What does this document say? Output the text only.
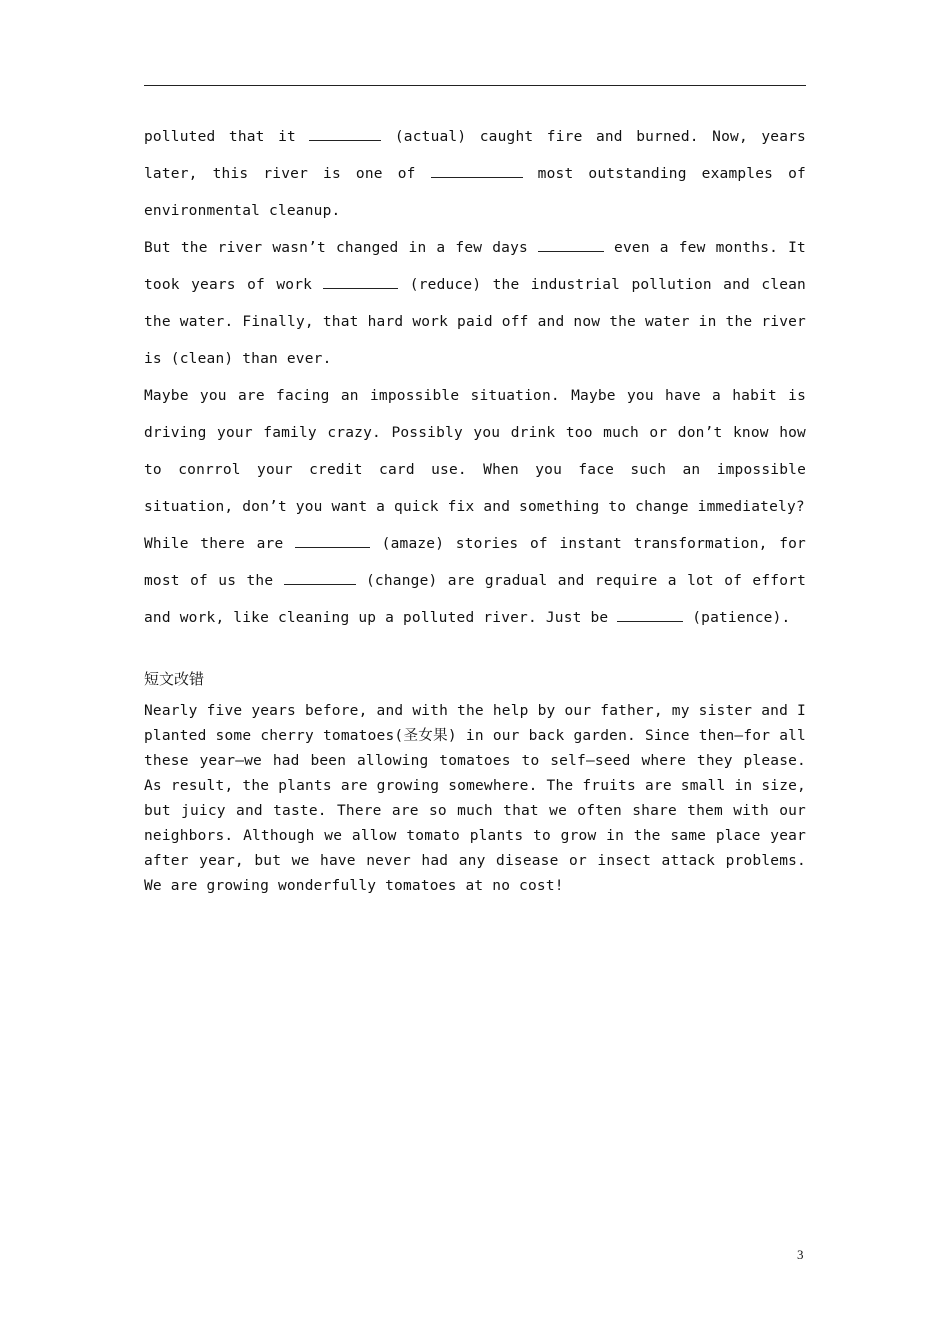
polluted that it	(actual) caught fire and burned. Now, years later, this river is one of	most outstanding examples of environmental cleanup.

But the river wasn’t changed in a few days	even a few months. It took years of work	(reduce) the industrial pollution and clean the water. Finally, that hard work paid off and now the water in the river is (clean) than ever.

Maybe you are facing an impossible situation. Maybe you have a habit is driving your family crazy. Possibly you drink too much or don’t know how to conrrol your credit card use. When you face such an impossible situation, don’t you want a quick fix and something to change immediately?

While there are	(amaze) stories of instant transformation, for most of us the	(change) are gradual and require a lot of effort and work, like cleaning up a polluted river. Just be	(patience).

短文改错

Nearly five years before, and with the help by our father, my sister and I planted some cherry tomatoes(圣女果) in our back garden. Since then—for all these year—we had been allowing tomatoes to self—seed where they please. As result, the plants are growing somewhere. The fruits are small in size, but juicy and taste. There are so much that we often share them with our neighbors. Although we allow tomato plants to grow in the same place year after year, but we have never had any disease or insect attack problems. We are growing wonderfully tomatoes at no cost!

3
